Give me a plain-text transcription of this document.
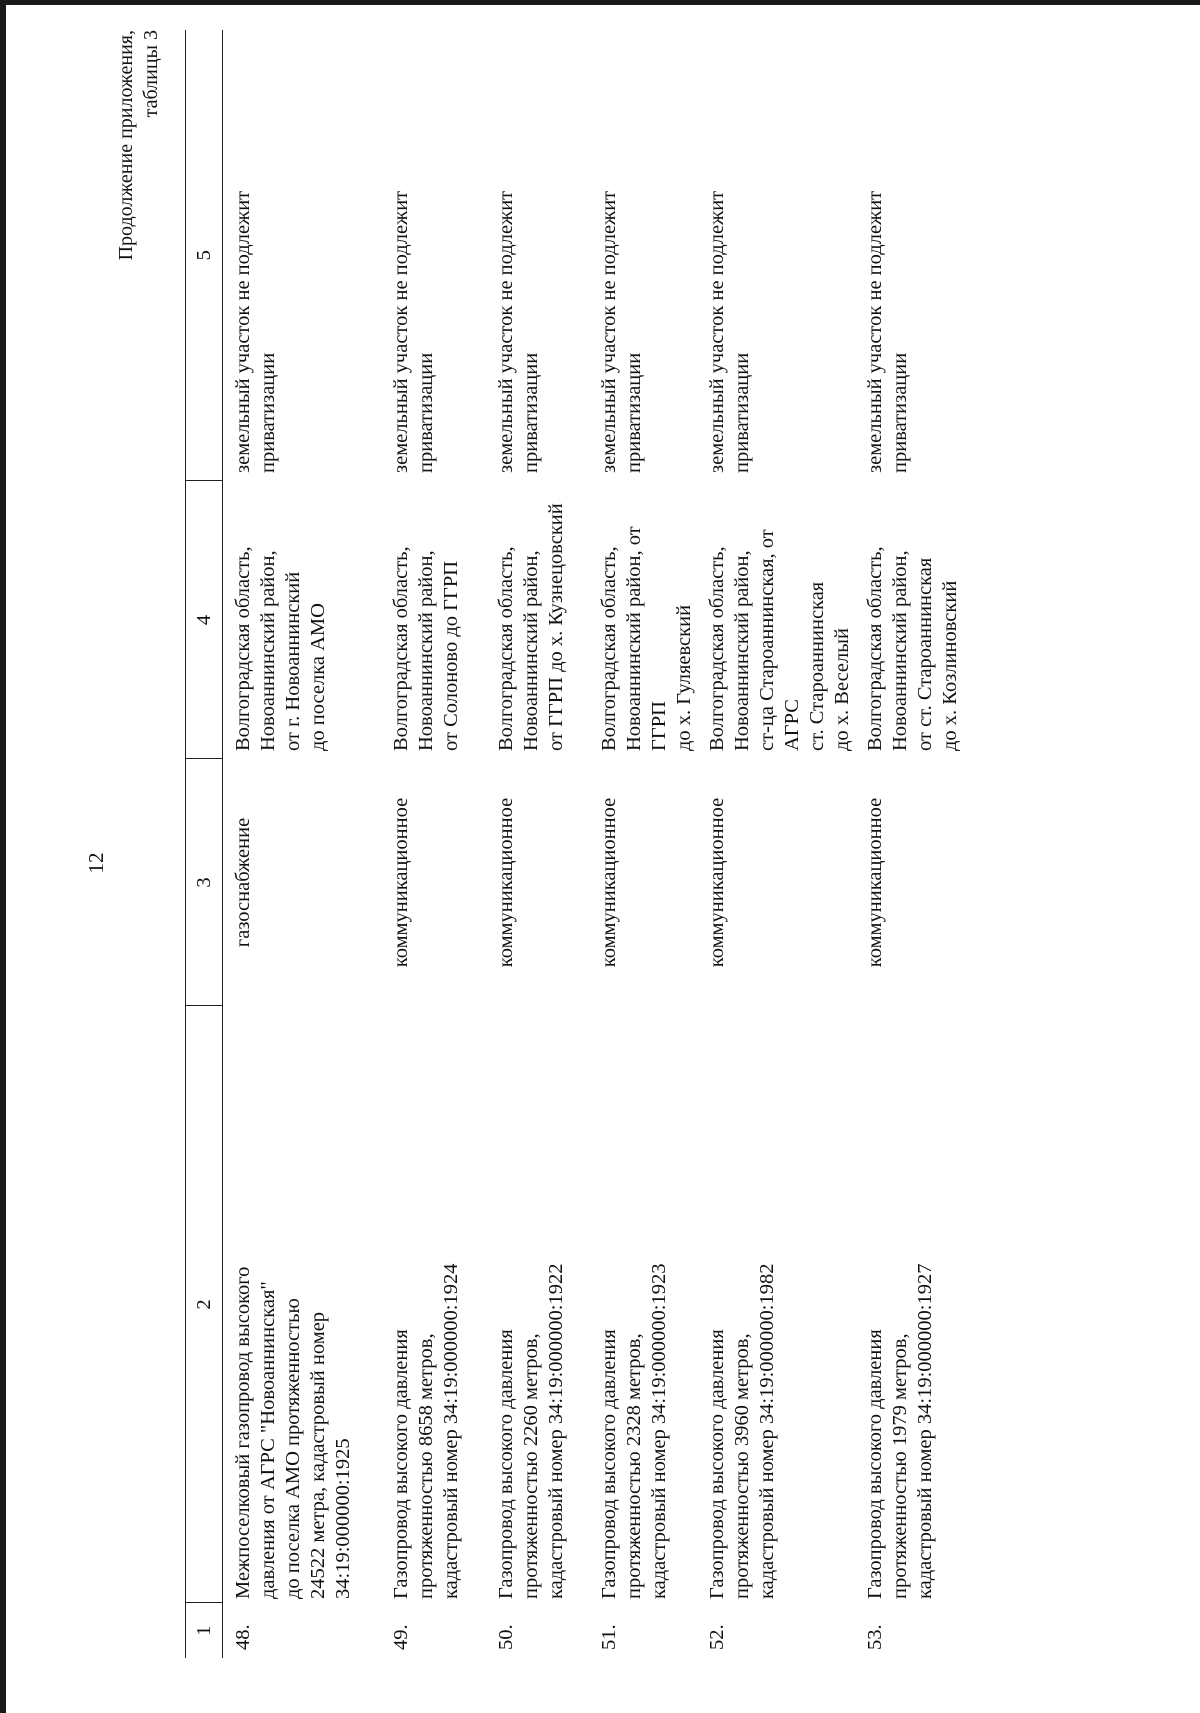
12
Продолжение приложения, таблицы 3
1	2	3	4	5
48.	Межпоселковый газопровод высокого
давления от АГРС "Новоаннинская"
до поселка АМО протяженностью
24522 метра, кадастровый номер
34:19:000000:1925	газоснабжение	Волгоградская область,
Новоаннинский район,
от г. Новоаннинский
до поселка АМО	земельный участок не подлежит
приватизации
49.	Газопровод высокого давления
протяженностью 8658 метров,
кадастровый номер 34:19:000000:1924	коммуникационное	Волгоградская область,
Новоаннинский район,
от Солоново до ГГРП	земельный участок не подлежит
приватизации
50.	Газопровод высокого давления
протяженностью 2260 метров,
кадастровый номер 34:19:000000:1922	коммуникационное	Волгоградская область,
Новоаннинский район,
от ГГРП до х. Кузнецовский	земельный участок не подлежит
приватизации
51.	Газопровод высокого давления
протяженностью 2328 метров,
кадастровый номер 34:19:000000:1923	коммуникационное	Волгоградская область,
Новоаннинский район, от ГГРП
до х. Гуляевский	земельный участок не подлежит
приватизации
52.	Газопровод высокого давления
протяженностью 3960 метров,
кадастровый номер 34:19:000000:1982	коммуникационное	Волгоградская область,
Новоаннинский район,
ст-ца Староаннинская, от АГРС
ст. Староаннинская
до х. Веселый	земельный участок не подлежит
приватизации
53.	Газопровод высокого давления
протяженностью 1979 метров,
кадастровый номер 34:19:000000:1927	коммуникационное	Волгоградская область,
Новоаннинский район,
от ст. Староаннинская
до х. Козлиновский	земельный участок не подлежит
приватизации
